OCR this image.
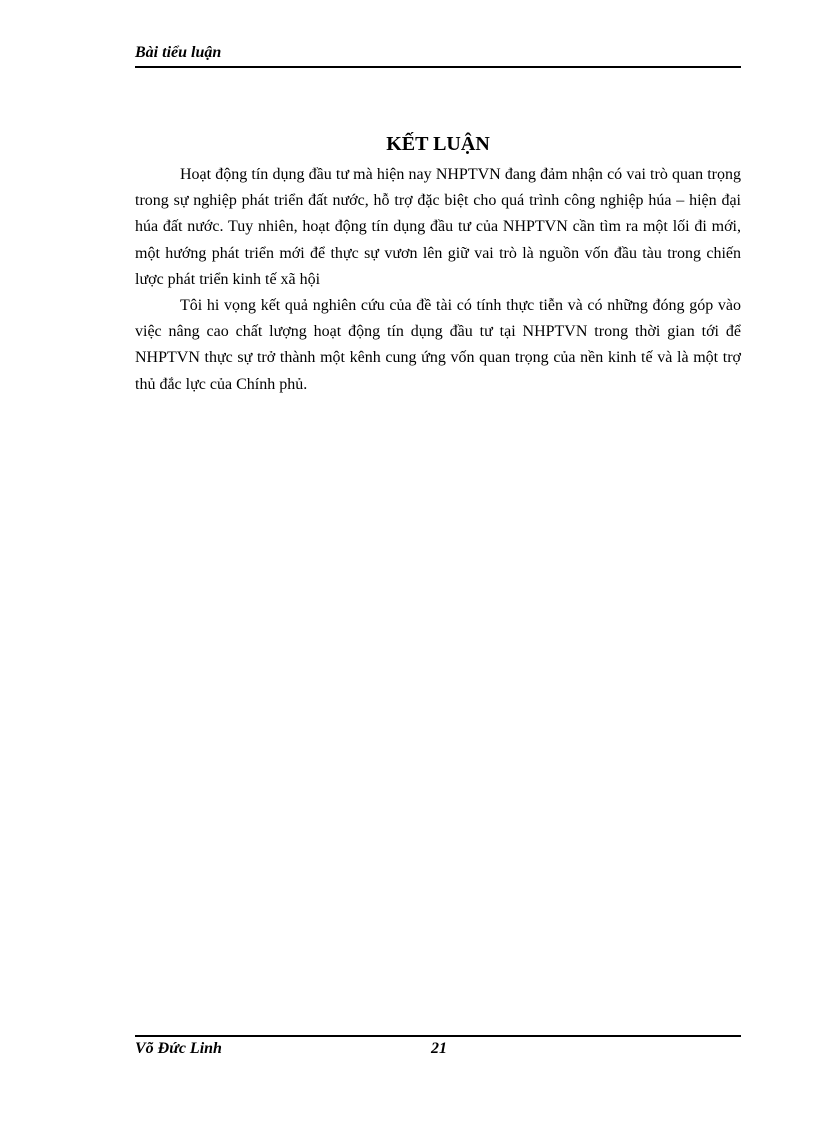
Bài tiểu luận
KẾT LUẬN

Hoạt động tín dụng đầu tư mà hiện nay NHPTVN đang đảm nhận có vai trò quan trọng trong sự nghiệp phát triển đất nước, hỗ trợ đặc biệt cho quá trình công nghiệp húa – hiện đại húa đất nước. Tuy nhiên, hoạt động tín dụng đầu tư của NHPTVN cần tìm ra một lối đi mới, một hướng phát triển mới để thực sự vươn lên giữ vai trò là nguồn vốn đầu tàu trong chiến lược phát triển kinh tế xã hội

Tôi hi vọng kết quả nghiên cứu của đề tài có tính thực tiễn và có những đóng góp vào việc nâng cao chất lượng hoạt động tín dụng đầu tư tại NHPTVN trong thời gian tới để NHPTVN thực sự trở thành một kênh cung ứng vốn quan trọng của nền kinh tế và là một trợ thủ đắc lực của Chính phủ.

Võ Đức Linh	21
